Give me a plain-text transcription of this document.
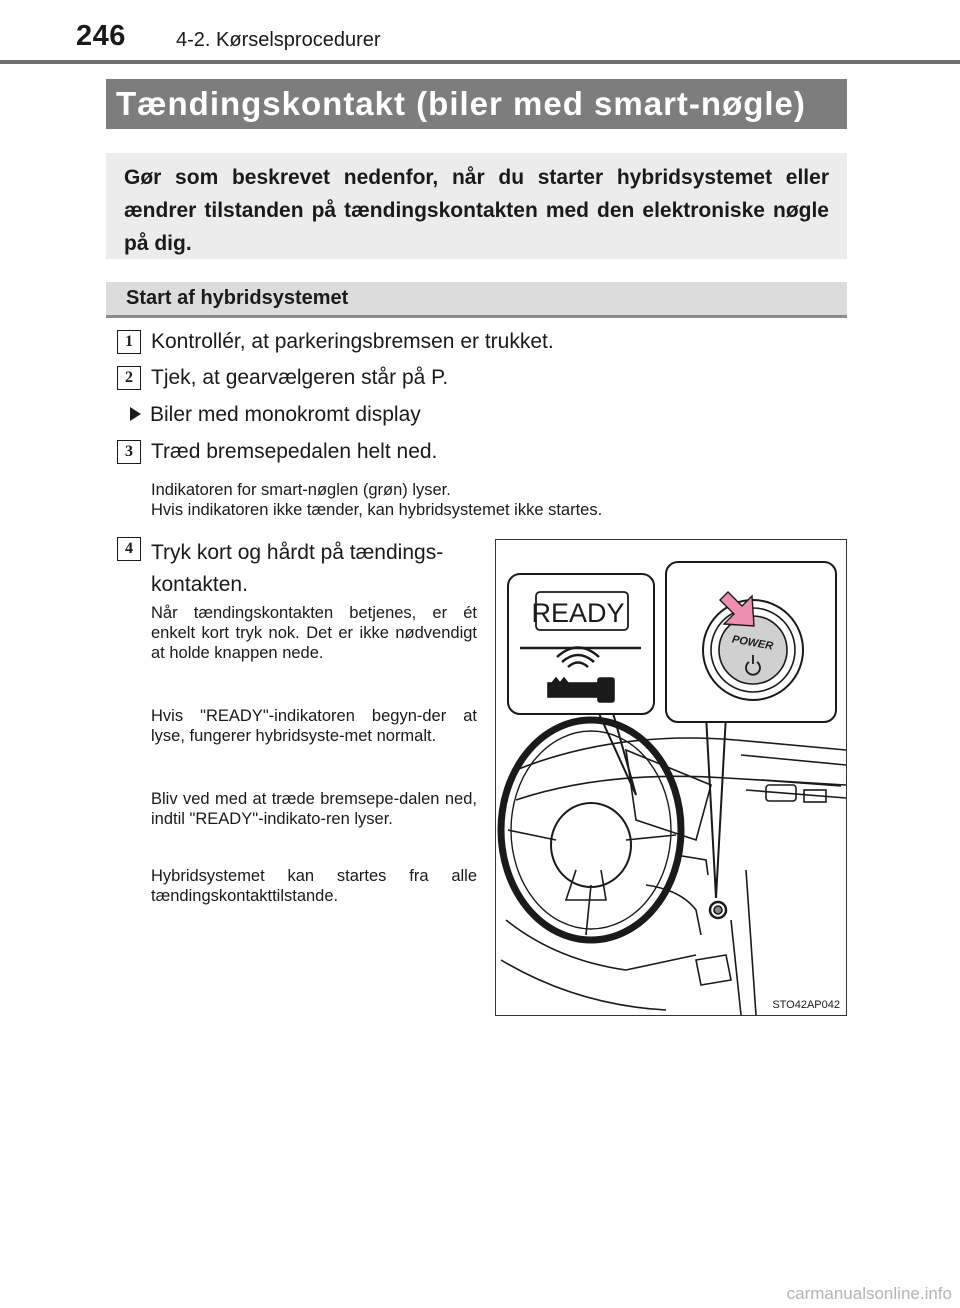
246	4-2. Kørselsprocedurer
Tændingskontakt (biler med smart-nøgle)
Gør som beskrevet nedenfor, når du starter hybridsystemet eller ændrer tilstanden på tændingskontakten med den elektroniske nøgle på dig.
Start af hybridsystemet
1 Kontrollér, at parkeringsbremsen er trukket.
2 Tjek, at gearvælgeren står på P.
Biler med monokromt display
3 Træd bremsepedalen helt ned.
Indikatoren for smart-nøglen (grøn) lyser.
Hvis indikatoren ikke tænder, kan hybridsystemet ikke startes.
4 Tryk kort og hårdt på tændings-kontakten.

Når tændingskontakten betjenes, er ét enkelt kort tryk nok. Det er ikke nødvendigt at holde knappen nede.

Hvis "READY"-indikatoren begyn-der at lyse, fungerer hybridsyste-met normalt.

Bliv ved med at træde bremsepe-dalen ned, indtil "READY"-indikato-ren lyser.

Hybridsystemet kan startes fra alle tændingskontakttilstande.

READY
POWER
STO42AP042
carmanualsonline.info
